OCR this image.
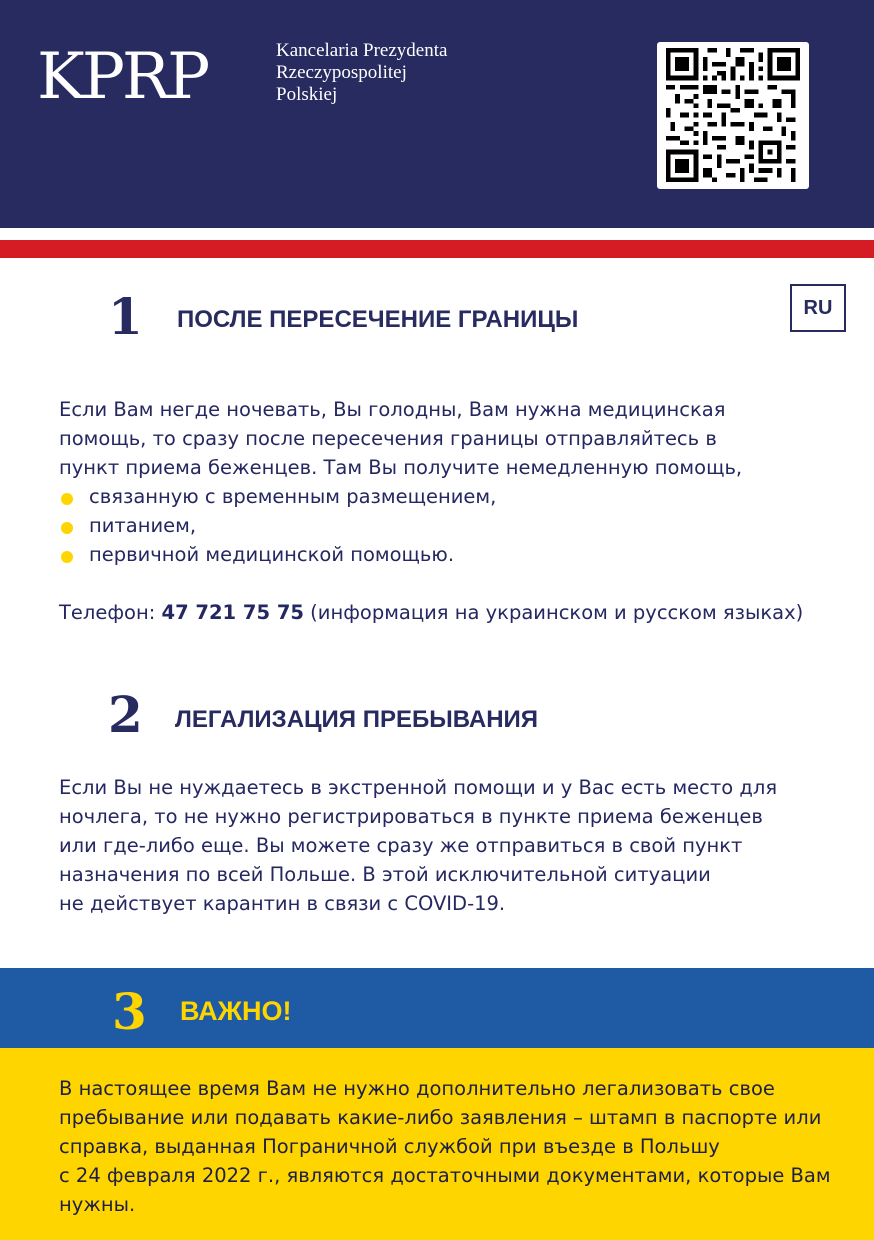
KPRP	Kancelaria Prezydenta
Rzeczypospolitej
Polskiej
1 ПОСЛЕ ПЕРЕСЕЧЕНИЕ ГРАНИЦЫ	RU
Если Вам негде ночевать, Вы голодны, Вам нужна медицинская
помощь, то сразу после пересечения границы отправляйтесь в
пункт приема беженцев. Там Вы получите немедленную помощь,
связанную с временным размещением,
питанием,
первичной медицинской помощью.
Телефон: 47 721 75 75 (информация на украинском и русском языках)
2 ЛЕГАЛИЗАЦИЯ ПРЕБЫВАНИЯ
Если Вы не нуждаетесь в экстренной помощи и у Вас есть место для
ночлега, то не нужно регистрироваться в пункте приема беженцев
или где-либо еще. Вы можете сразу же отправиться в свой пункт
назначения по всей Польше. В этой исключительной ситуации
не действует карантин в связи с COVID-19.
3 ВАЖНО!
В настоящее время Вам не нужно дополнительно легализовать свое
пребывание или подавать какие-либо заявления – штамп в паспорте или
справка, выданная Пограничной службой при въезде в Польшу
с 24 февраля 2022 г., являются достаточными документами, которые Вам
нужны.
